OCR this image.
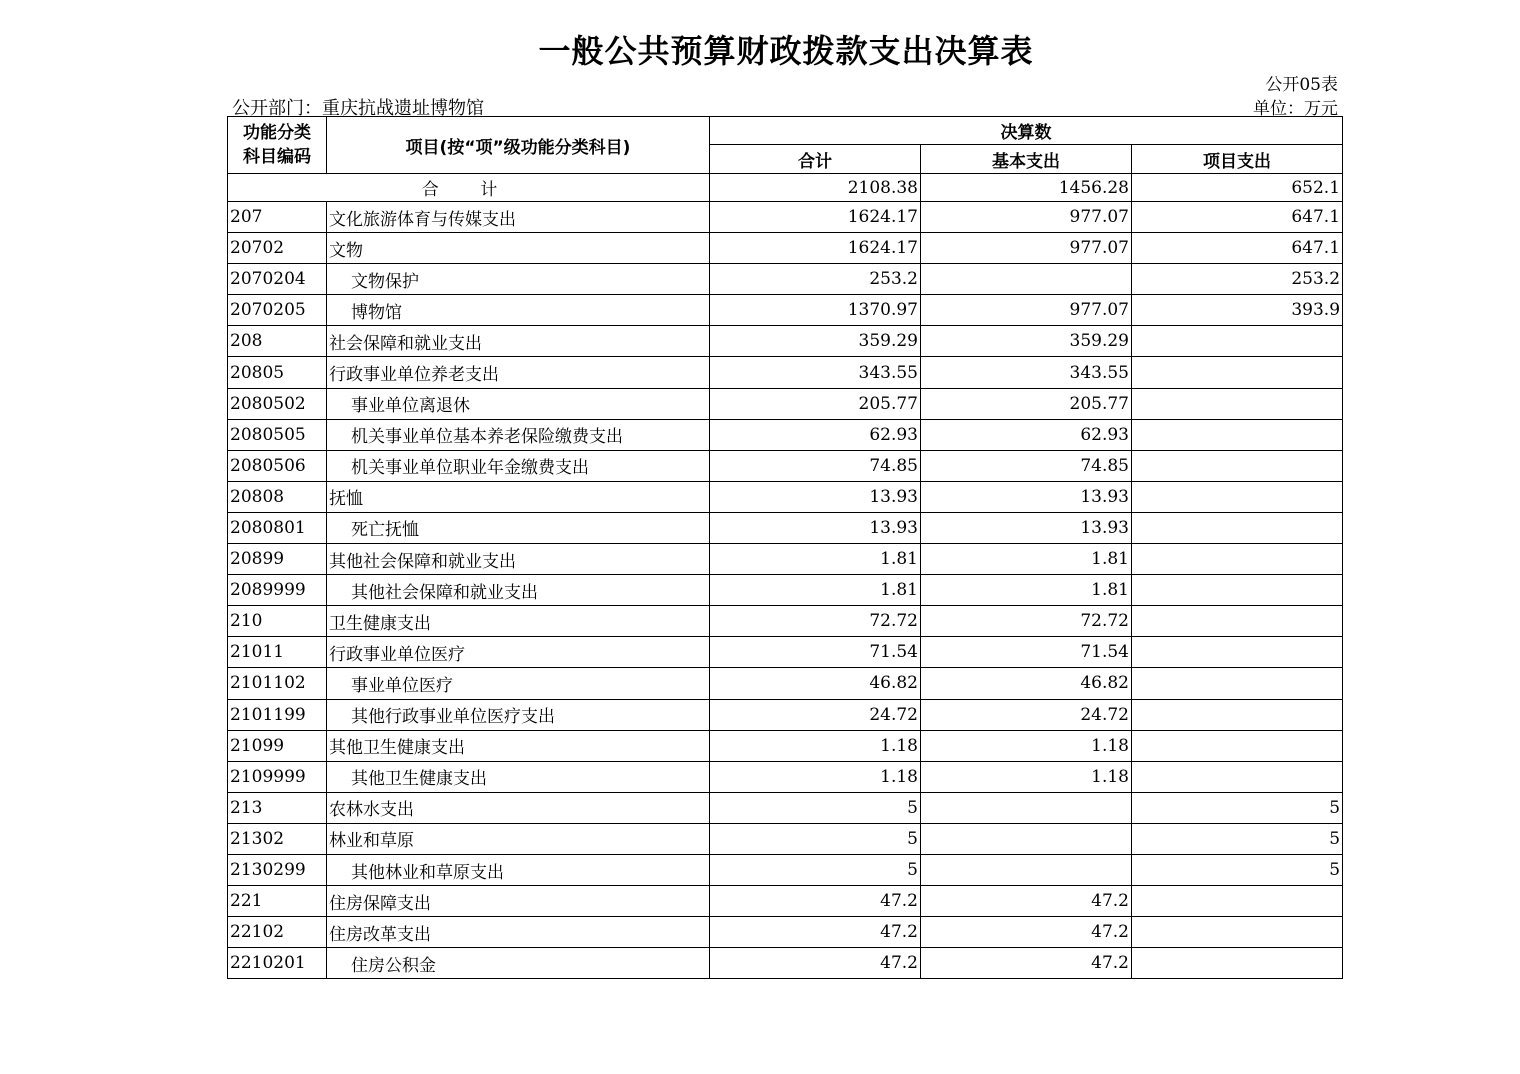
一般公共预算财政拨款支出决算表
公开05表
公开部门：重庆抗战遗址博物馆	单位：万元
功能分类
科目编码	项目(按“项”级功能分类科目)	决算数		
		合计	基本支出	项目支出
合 计		2108.38	1456.28	652.1
207	文化旅游体育与传媒支出	1624.17	977.07	647.1
20702	文物	1624.17	977.07	647.1
2070204	文物保护	253.2		253.2
2070205	博物馆	1370.97	977.07	393.9
208	社会保障和就业支出	359.29	359.29	
20805	行政事业单位养老支出	343.55	343.55	
2080502	事业单位离退休	205.77	205.77	
2080505	机关事业单位基本养老保险缴费支出	62.93	62.93	
2080506	机关事业单位职业年金缴费支出	74.85	74.85	
20808	抚恤	13.93	13.93	
2080801	死亡抚恤	13.93	13.93	
20899	其他社会保障和就业支出	1.81	1.81	
2089999	其他社会保障和就业支出	1.81	1.81	
210	卫生健康支出	72.72	72.72	
21011	行政事业单位医疗	71.54	71.54	
2101102	事业单位医疗	46.82	46.82	
2101199	其他行政事业单位医疗支出	24.72	24.72	
21099	其他卫生健康支出	1.18	1.18	
2109999	其他卫生健康支出	1.18	1.18	
213	农林水支出	5		5
21302	林业和草原	5		5
2130299	其他林业和草原支出	5		5
221	住房保障支出	47.2	47.2	
22102	住房改革支出	47.2	47.2	
2210201	住房公积金	47.2	47.2	
